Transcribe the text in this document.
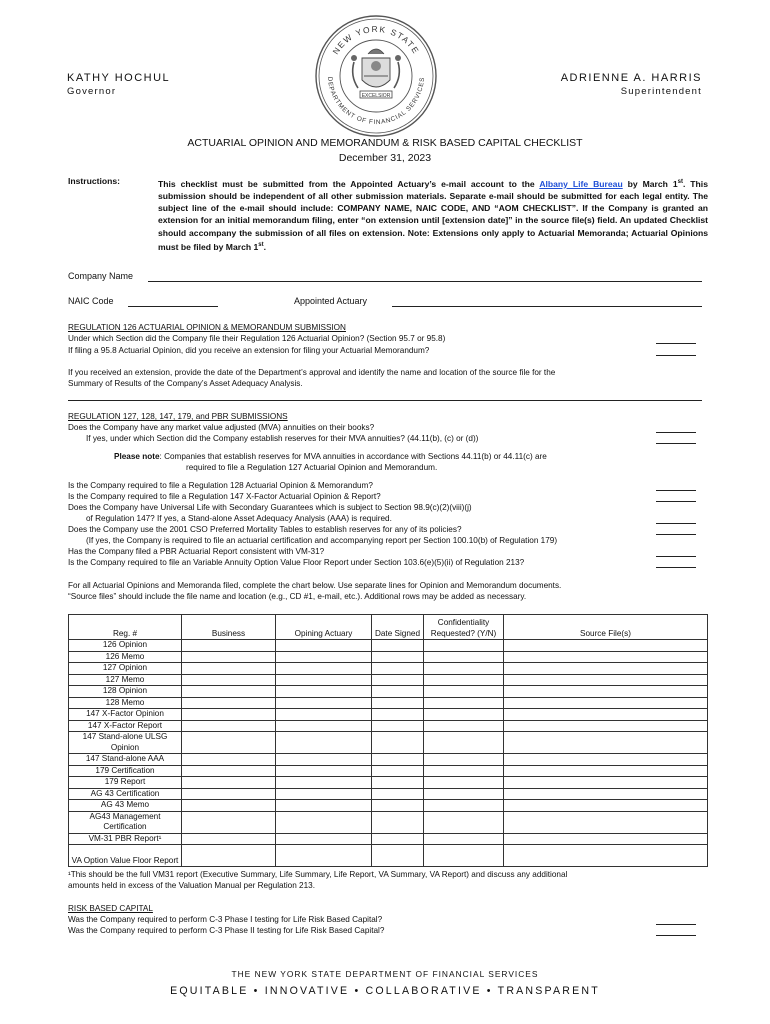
NEW YORK STATE
DEPARTMENT OF FINANCIAL SERVICES
EXCELSIOR
KATHY HOCHUL
Governor
ADRIENNE A. HARRIS
Superintendent
ACTUARIAL OPINION AND MEMORANDUM & RISK BASED CAPITAL CHECKLIST
December 31, 2023
Instructions:	This checklist must be submitted from the Appointed Actuary’s e-mail account to the Albany Life Bureau by March 1st. This submission should be independent of all other submission materials. Separate e-mail should be submitted for each legal entity. The subject line of the e-mail should include: COMPANY NAME, NAIC CODE, AND “AOM CHECKLIST”. If the Company is granted an extension for an initial memorandum filing, enter “on extension until [extension date]” in the source file(s) field. An updated Checklist should accompany the submission of all files on extension. Note: Extensions only apply to Actuarial Memoranda; Actuarial Opinions must be filed by March 1st.
Company Name
NAIC Code	Appointed Actuary
REGULATION 126 ACTUARIAL OPINION & MEMORANDUM SUBMISSION
Under which Section did the Company file their Regulation 126 Actuarial Opinion? (Section 95.7 or 95.8)
If filing a 95.8 Actuarial Opinion, did you receive an extension for filing your Actuarial Memorandum?
If you received an extension, provide the date of the Department’s approval and identify the name and location of the source file for the
Summary of Results of the Company’s Asset Adequacy Analysis.
REGULATION 127, 128, 147, 179, and PBR SUBMISSIONS
Does the Company have any market value adjusted (MVA) annuities on their books?
If yes, under which Section did the Company establish reserves for their MVA annuities? (44.11(b), (c) or (d))
Please note: Companies that establish reserves for MVA annuities in accordance with Sections 44.11(b) or 44.11(c) are
required to file a Regulation 127 Actuarial Opinion and Memorandum.
Is the Company required to file a Regulation 128 Actuarial Opinion & Memorandum?
Is the Company required to file a Regulation 147 X-Factor Actuarial Opinion & Report?
Does the Company have Universal Life with Secondary Guarantees which is subject to Section 98.9(c)(2)(viii)(j)
of Regulation 147? If yes, a Stand-alone Asset Adequacy Analysis (AAA) is required.
Does the Company use the 2001 CSO Preferred Mortality Tables to establish reserves for any of its policies?
(If yes, the Company is required to file an actuarial certification and accompanying report per Section 100.10(b) of Regulation 179)
Has the Company filed a PBR Actuarial Report consistent with VM-31?
Is the Company required to file an Variable Annuity Option Value Floor Report under Section 103.6(e)(5)(ii) of Regulation 213?
For all Actuarial Opinions and Memoranda filed, complete the chart below. Use separate lines for Opinion and Memorandum documents.
“Source files” should include the file name and location (e.g., CD #1, e-mail, etc.). Additional rows may be added as necessary.
Reg. #	Business	Opining Actuary	Date Signed	Confidentiality Requested? (Y/N)	Source File(s)
126 Opinion					
126 Memo					
127 Opinion					
127 Memo					
128 Opinion					
128 Memo					
147 X-Factor Opinion					
147 X-Factor Report					
147 Stand-alone ULSG Opinion					
147 Stand-alone AAA					
179 Certification					
179 Report					
AG 43 Certification					
AG 43 Memo					
AG43 Management Certification					
VM-31 PBR Report¹					
VA Option Value Floor Report					
¹This should be the full VM31 report (Executive Summary, Life Summary, Life Report, VA Summary, VA Report) and discuss any additional
amounts held in excess of the Valuation Manual per Regulation 213.
RISK BASED CAPITAL
Was the Company required to perform C-3 Phase I testing for Life Risk Based Capital?
Was the Company required to perform C-3 Phase II testing for Life Risk Based Capital?
THE NEW YORK STATE DEPARTMENT OF FINANCIAL SERVICES
EQUITABLE • INNOVATIVE • COLLABORATIVE • TRANSPARENT
